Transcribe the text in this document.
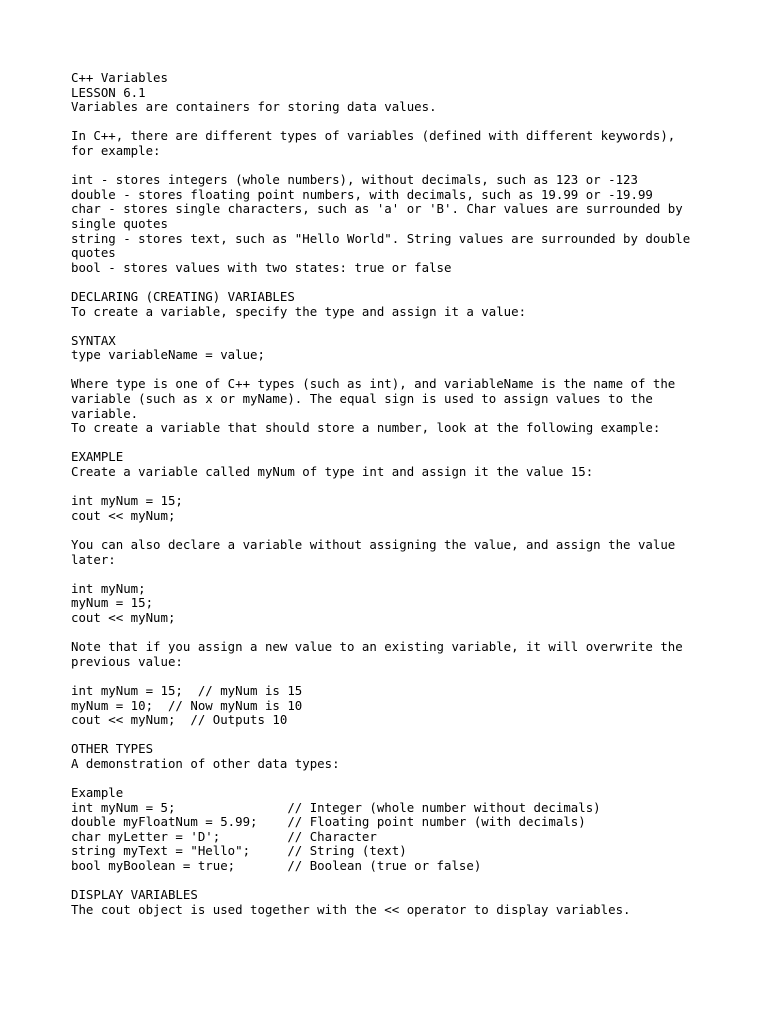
C++ Variables
LESSON 6.1
Variables are containers for storing data values.
In C++, there are different types of variables (defined with different keywords),
for example:
int - stores integers (whole numbers), without decimals, such as 123 or -123
double - stores floating point numbers, with decimals, such as 19.99 or -19.99
char - stores single characters, such as 'a' or 'B'. Char values are surrounded by
single quotes
string - stores text, such as "Hello World". String values are surrounded by double
quotes
bool - stores values with two states: true or false
DECLARING (CREATING) VARIABLES
To create a variable, specify the type and assign it a value:
SYNTAX
type variableName = value;
Where type is one of C++ types (such as int), and variableName is the name of the
variable (such as x or myName). The equal sign is used to assign values to the
variable.
To create a variable that should store a number, look at the following example:
EXAMPLE
Create a variable called myNum of type int and assign it the value 15:
int myNum = 15;
cout << myNum;
You can also declare a variable without assigning the value, and assign the value
later:
int myNum;
myNum = 15;
cout << myNum;
Note that if you assign a new value to an existing variable, it will overwrite the
previous value:
int myNum = 15;  // myNum is 15
myNum = 10;  // Now myNum is 10
cout << myNum;  // Outputs 10
OTHER TYPES
A demonstration of other data types:
Example
int myNum = 5;               // Integer (whole number without decimals)
double myFloatNum = 5.99;    // Floating point number (with decimals)
char myLetter = 'D';         // Character
string myText = "Hello";     // String (text)
bool myBoolean = true;       // Boolean (true or false)
DISPLAY VARIABLES
The cout object is used together with the << operator to display variables.
